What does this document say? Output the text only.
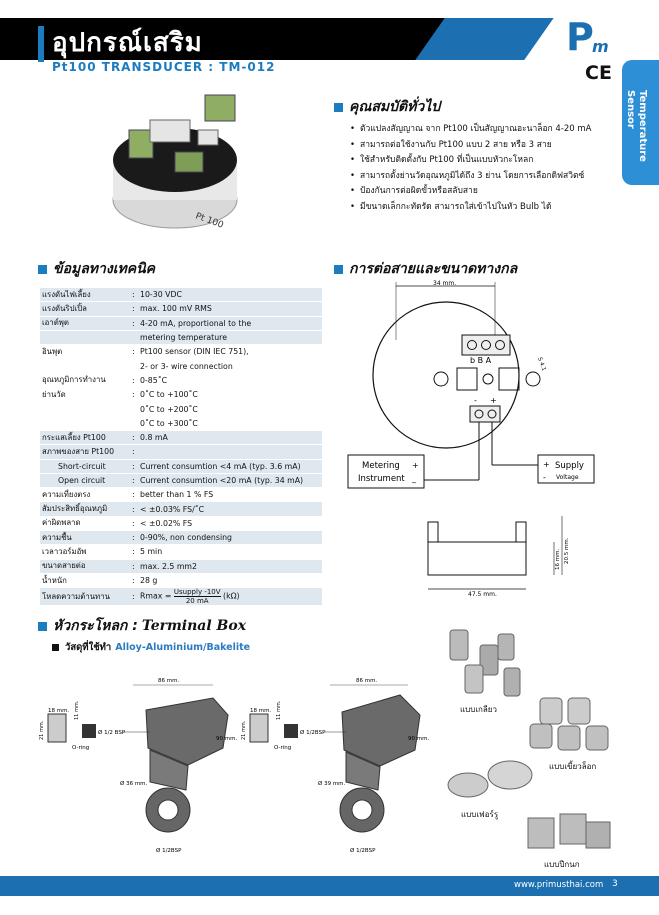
อุปกรณ์เสริม
Pt100 TRANSDUCER : TM-012
P
m
CE
Temperature Sensor
Pt 100
คุณสมบัติทั่วไป
• ตัวแปลงสัญญาณ จาก Pt100 เป็นสัญญาณอะนาล็อก 4-20 mA
• สามารถต่อใช้งานกับ Pt100 แบบ 2 สาย หรือ 3 สาย
• ใช้สำหรับติดตั้งกับ Pt100 ที่เป็นแบบหัวกะโหลก
• สามารถตั้งย่านวัดอุณหภูมิได้ถึง 3 ย่าน โดยการเลือกดิฟสวิตซ์
• ป้องกันการต่อผิดขั้วหรือสลับสาย
• มีขนาดเล็กกะทัดรัด สามารถใส่เข้าไปในหัว Bulb ได้
ข้อมูลทางเทคนิค
แรงดันไฟเลี้ยง	: 10-30 VDC
แรงดันริปเปิ้ล	: max. 100 mV RMS
เอาต์พุต	: 4-20 mA, proportional to the
metering temperature
อินพุต	: Pt100 sensor (DIN IEC 751),
2- or 3- wire connection
อุณหภูมิการทำงาน	: 0-85˚C
ย่านวัด	: 0˚C to +100˚C
0˚C to +200˚C
0˚C to +300˚C
กระแสเลี้ยง Pt100	: 0.8 mA
สภาพของสาย Pt100	:
Short-circuit	: Current consumtion <4 mA (typ. 3.6 mA)
Open circuit	: Current consumtion <20 mA (typ. 34 mA)
ความเที่ยงตรง	: better than 1 % FS
สัมประสิทธิ์อุณหภูมิ	: < ±0.03% FS/˚C
ค่าผิดพลาด	: < ±0.02% FS
ความชื้น	: 0-90%, non condensing
เวลาวอร์มอัพ	: 5 min
ขนาดสายต่อ	: max. 2.5 mm2
น้ำหนัก	: 28 g
โหลดความต้านทาน	: $Rmax = \frac{\text{Usupply -10V}}{20 mA} (k\Omega)$
การต่อสายและขนาดทางกล
34 mm.
b B A	S 4.1
- +
Metering
Instrument
+
_
+
-
Supply
Voltage
47.5 mm.
16 mm. 20.5 mm.
หัวกระโหลก : Terminal Box
วัสดุที่ใช้ทำ Alloy-Aluminium/Bakelite
86 mm.
90 mm.
18 mm. 11 mm.
21 mm.	Ø 1/2 BSP
O-ring
Ø 36 mm.
Ø 1/2BSP
86 mm.
90 mm.
18 mm. 11 mm.
21 mm.	Ø 1/2BSP
O-ring
Ø 39 mm.
Ø 1/2BSP
แบบเกลียว
แบบเขี้ยวล็อก
แบบเฟอร์รู
แบบปีกนก
www.primusthai.com 3
